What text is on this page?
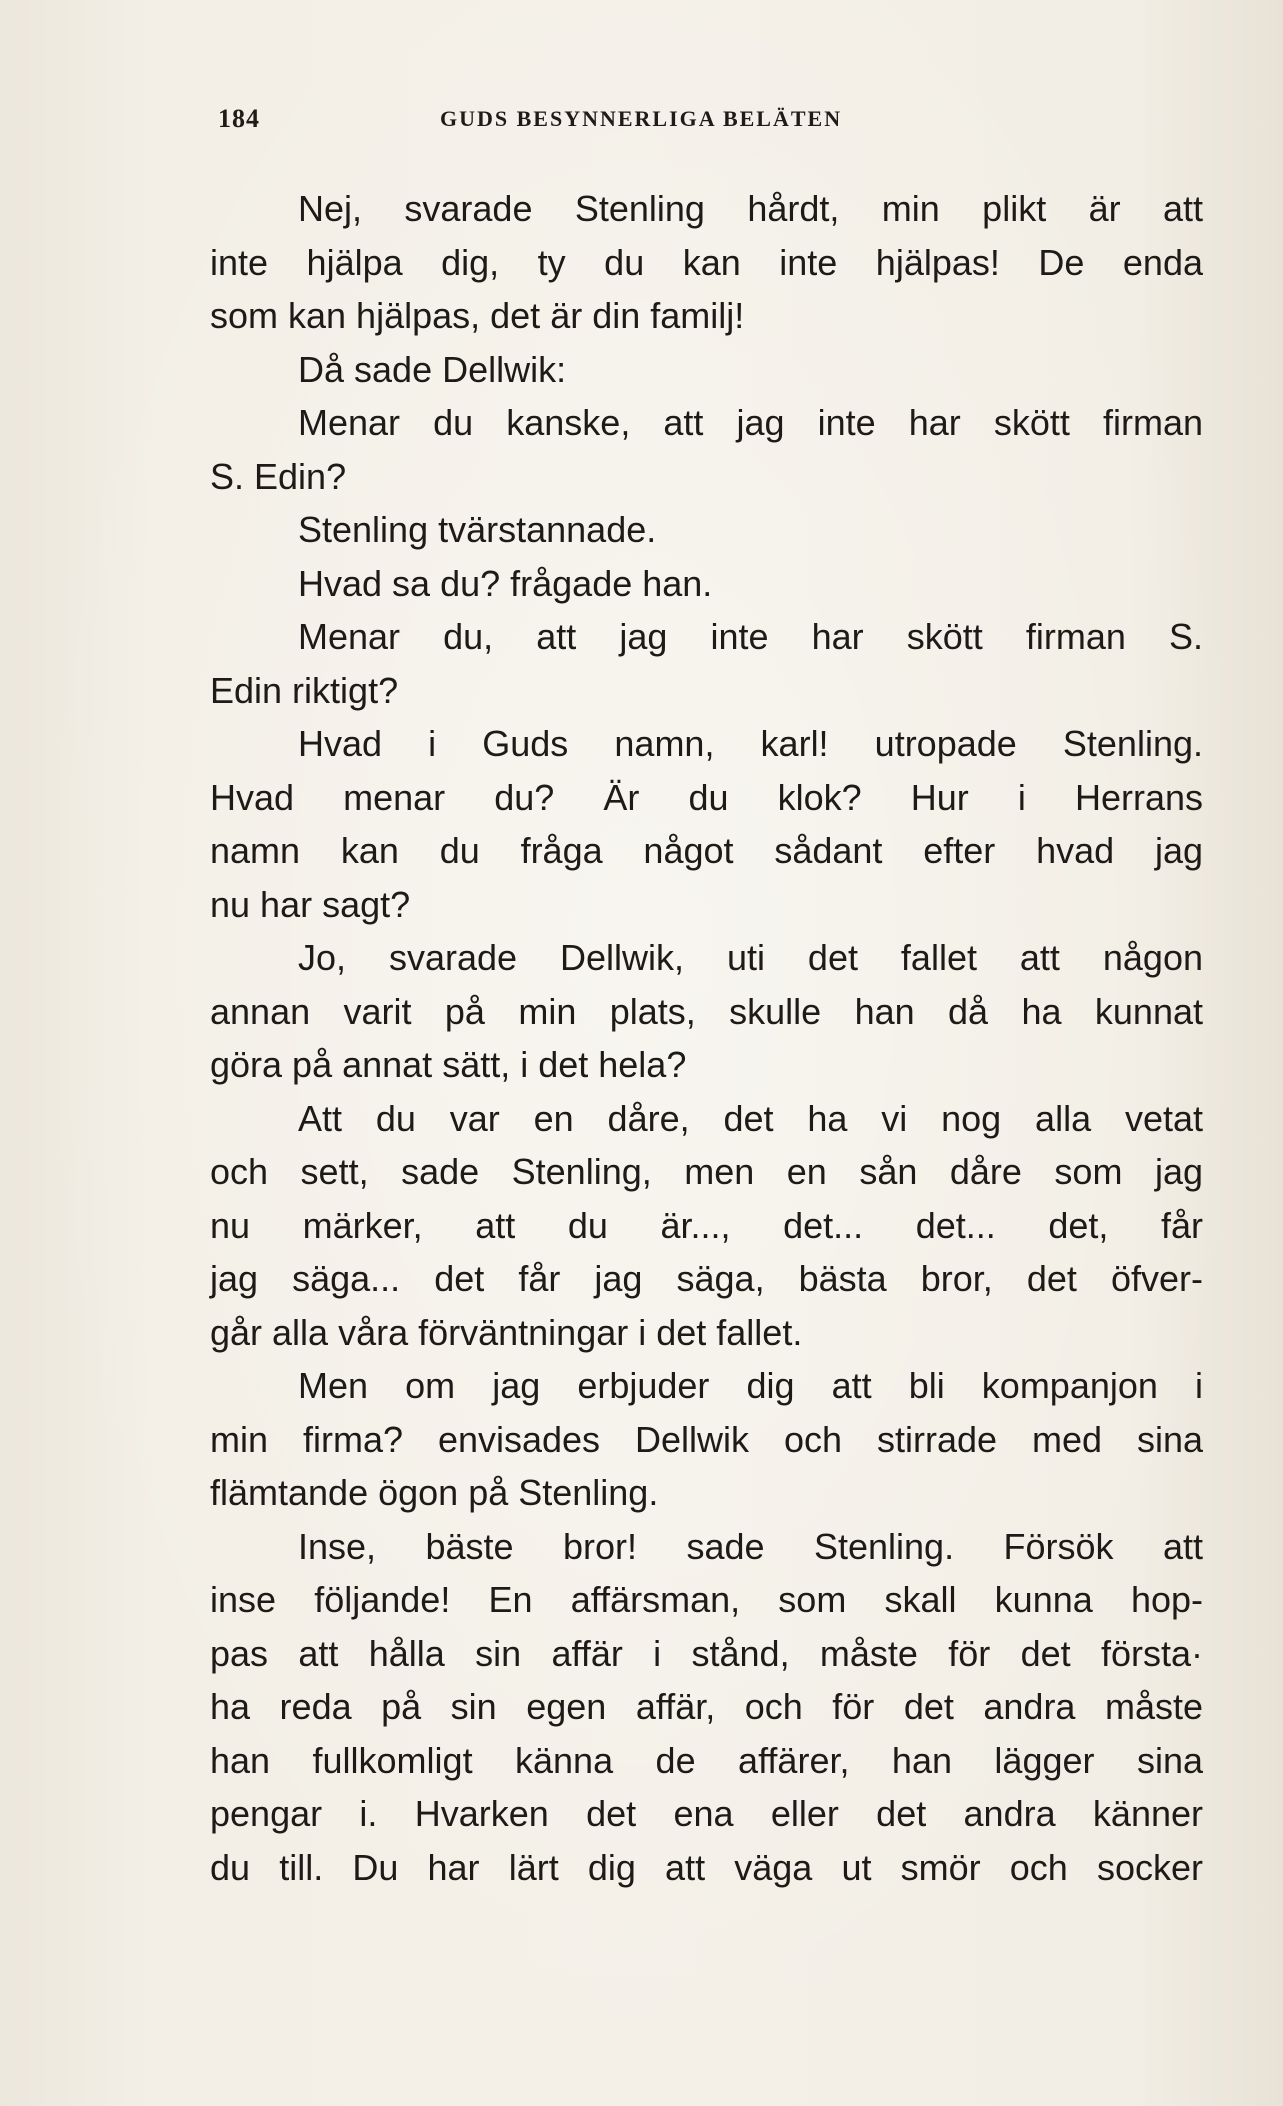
184	GUDS BESYNNERLIGA BELÄTEN
Nej, svarade Stenling hårdt, min plikt är att
inte hjälpa dig, ty du kan inte hjälpas! De enda
som kan hjälpas, det är din familj!
Då sade Dellwik:
Menar du kanske, att jag inte har skött firman
S. Edin?
Stenling tvärstannade.
Hvad sa du? frågade han.
Menar du, att jag inte har skött firman S.
Edin riktigt?
Hvad i Guds namn, karl! utropade Stenling.
Hvad menar du? Är du klok? Hur i Herrans
namn kan du fråga något sådant efter hvad jag
nu har sagt?
Jo, svarade Dellwik, uti det fallet att någon
annan varit på min plats, skulle han då ha kunnat
göra på annat sätt, i det hela?
Att du var en dåre, det ha vi nog alla vetat
och sett, sade Stenling, men en sån dåre som jag
nu märker, att du är..., det... det... det, får
jag säga... det får jag säga, bästa bror, det öfver-
går alla våra förväntningar i det fallet.
Men om jag erbjuder dig att bli kompanjon i
min firma? envisades Dellwik och stirrade med sina
flämtande ögon på Stenling.
Inse, bäste bror! sade Stenling. Försök att
inse följande! En affärsman, som skall kunna hop-
pas att hålla sin affär i stånd, måste för det första·
ha reda på sin egen affär, och för det andra måste
han fullkomligt känna de affärer, han lägger sina
pengar i. Hvarken det ena eller det andra känner
du till. Du har lärt dig att väga ut smör och socker
